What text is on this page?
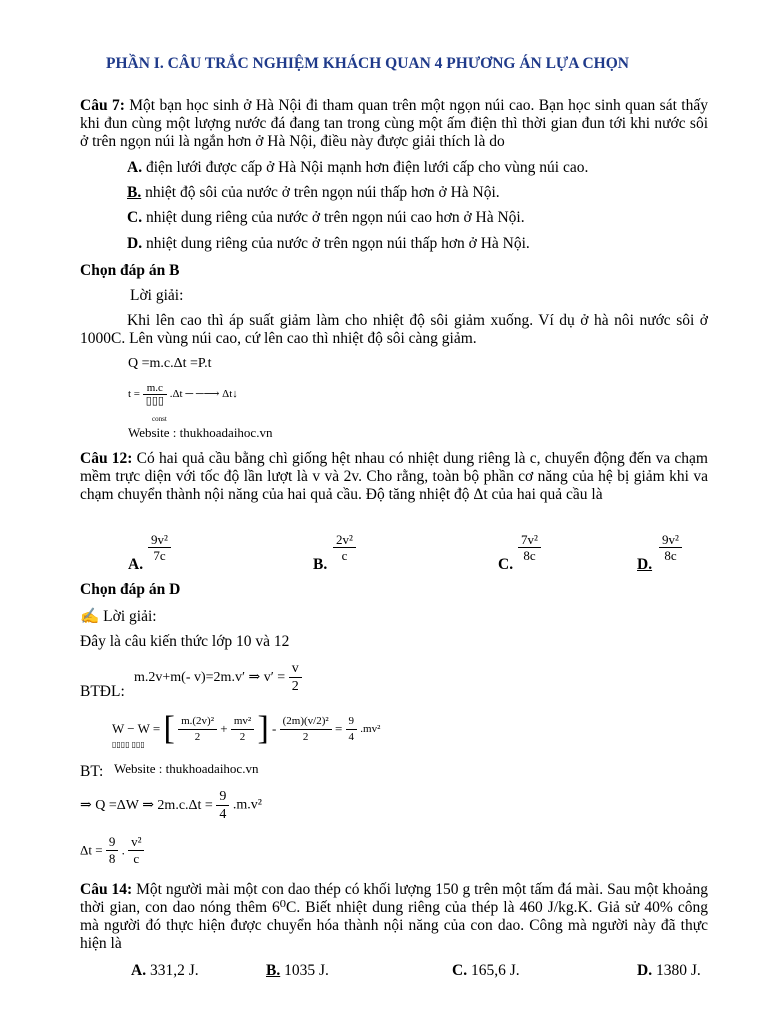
PHẦN I. CÂU TRẮC NGHIỆM KHÁCH QUAN 4 PHƯƠNG ÁN LỰA CHỌN
Câu 7: Một bạn học sinh ở Hà Nội đi tham quan trên một ngọn núi cao. Bạn học sinh quan sát thấy khi đun cùng một lượng nước đá đang tan trong cùng một ấm điện thì thời gian đun tới khi nước sôi ở trên ngọn núi là ngắn hơn ở Hà Nội, điều này được giải thích là do
A. điện lưới được cấp ở Hà Nội mạnh hơn điện lưới cấp cho vùng núi cao.
B. nhiệt độ sôi của nước ở trên ngọn núi thấp hơn ở Hà Nội.
C. nhiệt dung riêng của nước ở trên ngọn núi cao hơn ở Hà Nội.
D. nhiệt dung riêng của nước ở trên ngọn núi thấp hơn ở Hà Nội.
Chọn đáp án B
Lời giải:
Khi lên cao thì áp suất giảm làm cho nhiệt độ sôi giảm xuống. Ví dụ ở hà nôi nước sôi ở 1000C. Lên vùng núi cao, cứ lên cao thì nhiệt độ sôi càng giảm.
Q =m.c.Δt =P.t
$t = \frac{m.c}{▯▯▯} .\Delta t$ ─ ─⟶ Δt↓
const
Website : thukhoadaihoc.vn
Câu 12: Có hai quả cầu bằng chì giống hệt nhau có nhiệt dung riêng là c, chuyển động đến va chạm mềm trực diện với tốc độ lần lượt là v và 2v. Cho rằng, toàn bộ phần cơ năng của hệ bị giảm khi va chạm chuyển thành nội năng của hai quả cầu. Độ tăng nhiệt độ Δt của hai quả cầu là
A.
$\frac{\text{9v²}}{7c}$
B.
$\frac{\text{2v²}}{c}$
C.
$\frac{\text{7v²}}{8c}$
D.
$\frac{\text{9v²}}{8c}$
Chọn đáp án D
✍ Lời giải:
Đây là câu kiến thức lớp 10 và 12
BTĐL:
m.2v+m(- v)=2m.v′ ⇒ $v' = \frac{v}{2}$
W − W = [ $\frac{\text{m.(2v)²}}{2} + \frac{\text{mv²}}{2}$ ] - $\frac{\text{(2m)(v/2)²}}{2} = \frac{9}{4} .mv^2$
▯▯▯▯ ▯▯▯
BT: Website : thukhoadaihoc.vn
⇒ Q =ΔW ⇒ $2m.c.\Delta t = \frac{9}{4} .m.v^2$
$\Delta t = \frac{9}{8}$ . $\frac{\text{v²}}{c}$
Câu 14: Một người mài một con dao thép có khối lượng 150 g trên một tấm đá mài. Sau một khoảng thời gian, con dao nóng thêm 6⁰C. Biết nhiệt dung riêng của thép là 460 J/kg.K. Giả sử 40% công mà người đó thực hiện được chuyển hóa thành nội năng của con dao. Công mà người này đã thực hiện là
A. 331,2 J.	B. 1035 J.	C. 165,6 J.	D. 1380 J.
